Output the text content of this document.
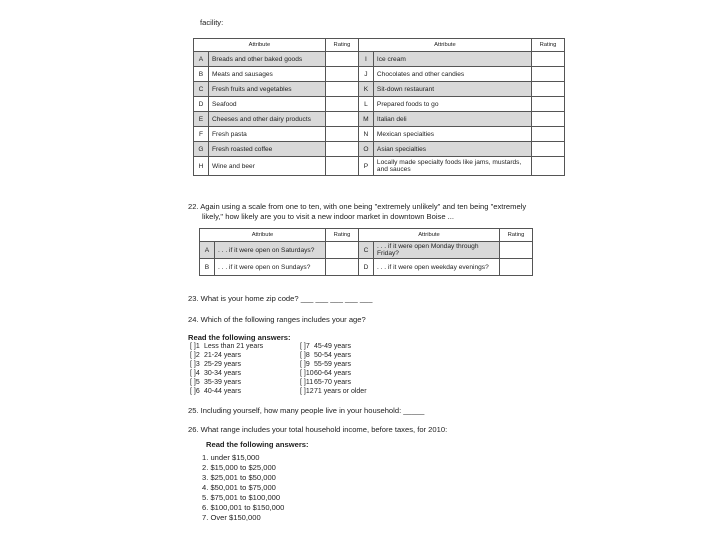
facility:
Attribute		Rating	Attribute		Rating
A	Breads and other baked goods		I	Ice cream	
B	Meats and sausages		J	Chocolates and other candies	
C	Fresh fruits and vegetables		K	Sit-down restaurant	
D	Seafood		L	Prepared foods to go	
E	Cheeses and other dairy products		M	Italian deli	
F	Fresh pasta		N	Mexican specialties	
G	Fresh roasted coffee		O	Asian specialties	
H	Wine and beer		P	Locally made specialty foods like jams, mustards, and sauces	
22. Again using a scale from one to ten, with one being "extremely unlikely" and ten being "extremely
likely," how likely are you to visit a new indoor market in downtown Boise ...
Attribute		Rating	Attribute		Rating
A	. . . if it were open on Saturdays?		C	. . . if it were open Monday through Friday?	
B	. . . if it were open on Sundays?		D	. . . if it were open weekday evenings?	
23. What is your home zip code? ___ ___ ___ ___ ___
24. Which of the following ranges includes your age?
Read the following answers:
[ ]1 Less than 21 years
[ ]2 21-24 years
[ ]3 25-29 years
[ ]4 30-34 years
[ ]5 35-39 years
[ ]6 40-44 years
[ ]7 45-49 years
[ ]8 50-54 years
[ ]9 55-59 years
[ ]1060-64 years
[ ]1165-70 years
[ ]1271 years or older
25. Including yourself, how many people live in your household: _____
26. What range includes your total household income, before taxes, for 2010:
Read the following answers:
1. under $15,000
2. $15,000 to $25,000
3. $25,001 to $50,000
4. $50,001 to $75,000
5. $75,001 to $100,000
6. $100,001 to $150,000
7. Over $150,000
